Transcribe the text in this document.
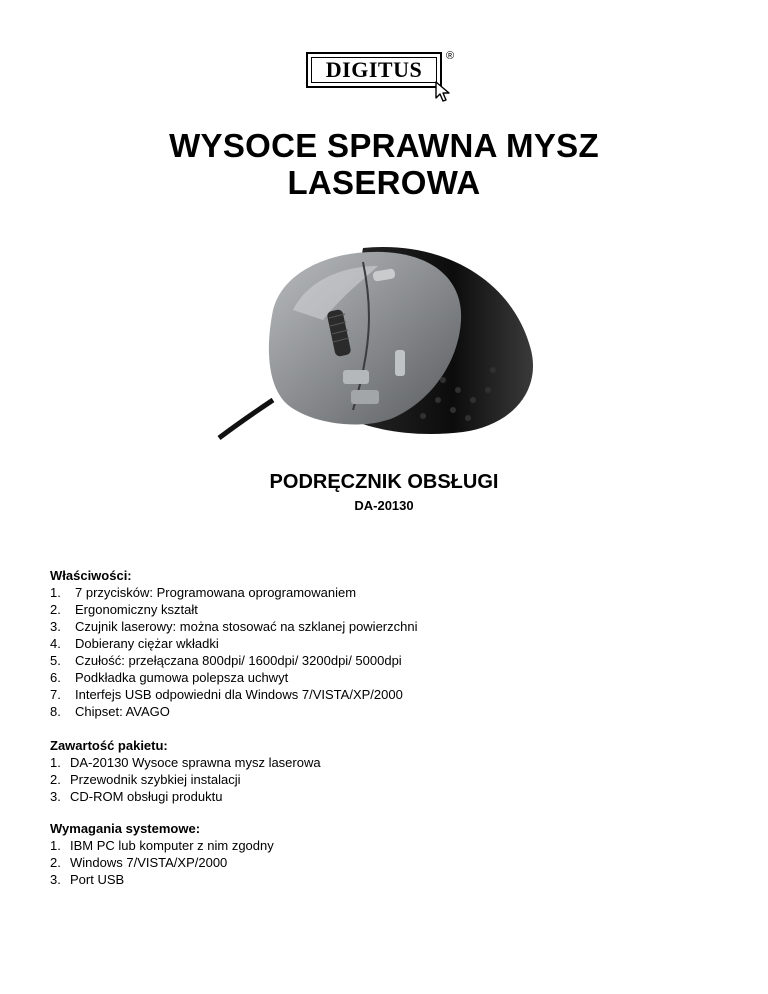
DIGITUS
®
WYSOCE SPRAWNA MYSZ
LASEROWA
PODRĘCZNIK OBSŁUGI
DA-20130
Właściwości:
1.	7 przycisków: Programowana oprogramowaniem
2.	Ergonomiczny kształt
3.	Czujnik laserowy: można stosować na szklanej powierzchni
4.	Dobierany ciężar wkładki
5.	Czułość: przełączana 800dpi/ 1600dpi/ 3200dpi/ 5000dpi
6.	Podkładka gumowa polepsza uchwyt
7.	Interfejs USB odpowiedni dla Windows 7/VISTA/XP/2000
8.	Chipset: AVAGO
Zawartość pakietu:
1. DA-20130 Wysoce sprawna mysz laserowa
2. Przewodnik szybkiej instalacji
3. CD-ROM obsługi produktu
Wymagania systemowe:
1. IBM PC lub komputer z nim zgodny
2. Windows 7/VISTA/XP/2000
3. Port USB
